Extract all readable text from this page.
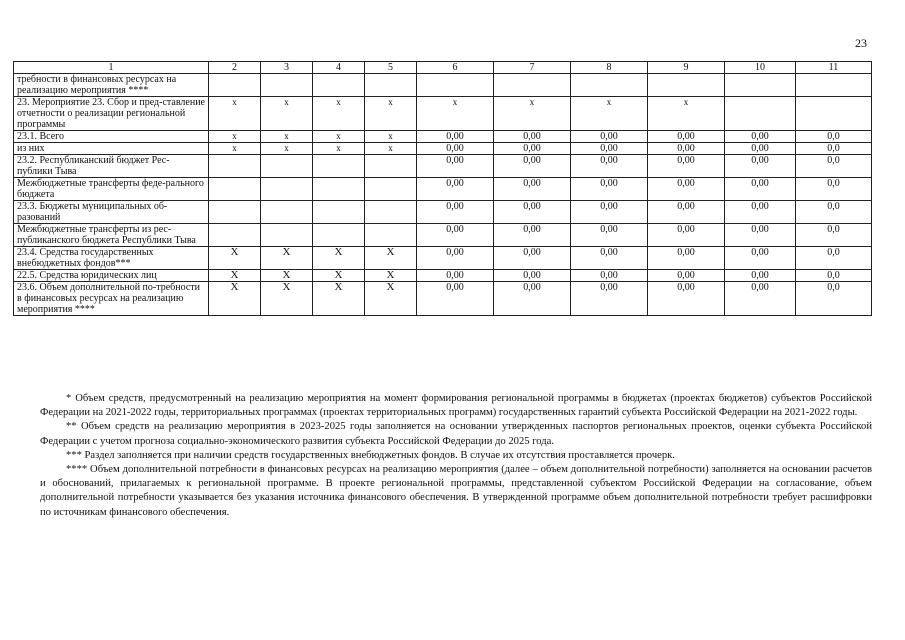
23
1	2	3	4	5	6	7	8	9	10	11
требности в финансовых ресурсах на реализацию мероприятия ****										
23. Мероприятие 23. Сбор и пред-ставление отчетности о реализации региональной программы	x	x	x	x	x	x	x	x		
23.1. Всего	x	x	x	x	0,00	0,00	0,00	0,00	0,00	0,0
из них	x	x	x	x	0,00	0,00	0,00	0,00	0,00	0,0
23.2. Республиканский бюджет Рес-публики Тыва					0,00	0,00	0,00	0,00	0,00	0,0
Межбюджетные трансферты феде-рального бюджета					0,00	0,00	0,00	0,00	0,00	0,0
23.3. Бюджеты муниципальных об-разований					0,00	0,00	0,00	0,00	0,00	0,0
Межбюджетные трансферты из рес-публиканского бюджета Республики Тыва					0,00	0,00	0,00	0,00	0,00	0,0
23.4. Средства государственных внебюджетных фондов***	X	X	X	X	0,00	0,00	0,00	0,00	0,00	0,0
22.5. Средства юридических лиц	X	X	X	X	0,00	0,00	0,00	0,00	0,00	0,0
23.6. Объем дополнительной по-требности в финансовых ресурсах на реализацию мероприятия ****	X	X	X	X	0,00	0,00	0,00	0,00	0,00	0,0

* Объем средств, предусмотренный на реализацию мероприятия на момент формирования региональной программы в бюджетах (проектах бюджетов) субъектов Российской Федерации на 2021-2022 годы, территориальных программах (проектах территориальных программ) государственных гарантий субъекта Российской Федерации на 2021-2022 годы.

** Объем средств на реализацию мероприятия в 2023-2025 годы заполняется на основании утвержденных паспортов региональных проектов, оценки субъекта Российской Федерации с учетом прогноза социально-экономического развития субъекта Российской Федерации до 2025 года.

*** Раздел заполняется при наличии средств государственных внебюджетных фондов. В случае их отсутствия проставляется прочерк.

**** Объем дополнительной потребности в финансовых ресурсах на реализацию мероприятия (далее – объем дополнительной потребности) заполняется на основании расчетов и обоснований, прилагаемых к региональной программе. В проекте региональной программы, представленной субъектом Российской Федерации на согласование, объем дополнительной потребности указывается без указания источника финансового обеспечения. В утвержденной программе объем дополнительной потребности требует расшифровки по источникам финансового обеспечения.
